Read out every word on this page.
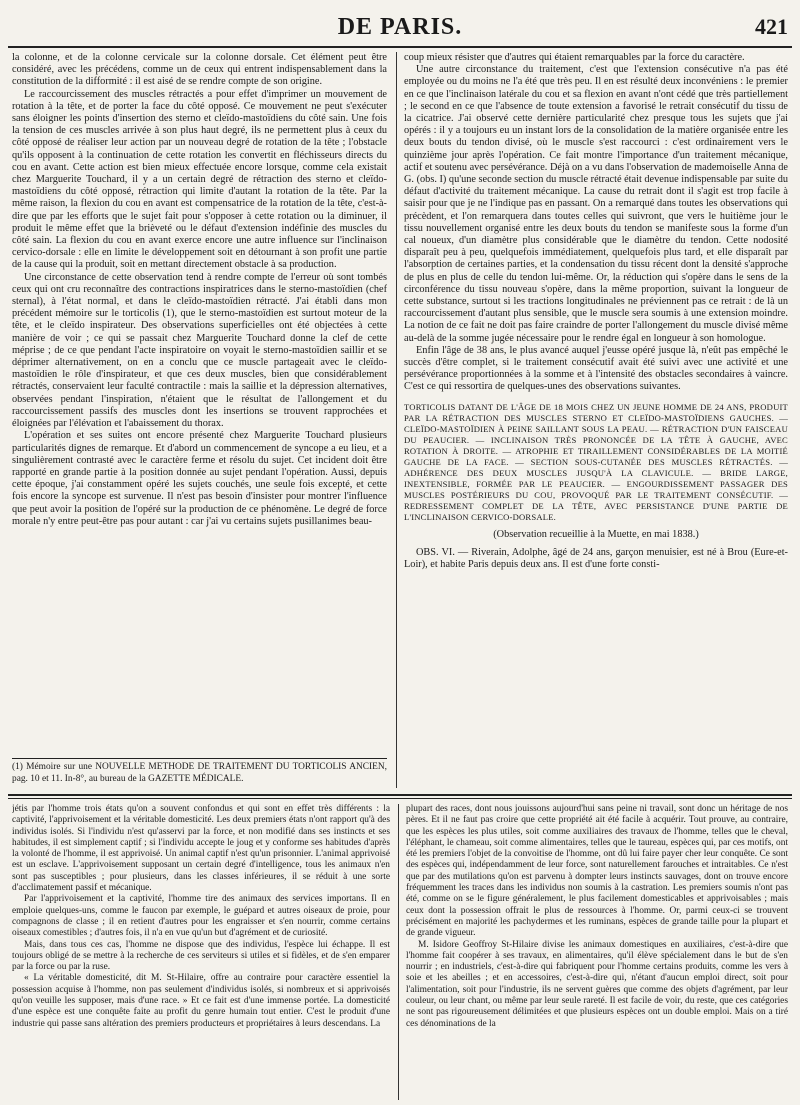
DE PARIS.	421

la colonne, et de la colonne cervicale sur la colonne dorsale. Cet élément peut être considéré, avec les précédens, comme un de ceux qui entrent indispensablement dans la constitution de la difformité : il est aisé de se rendre compte de son origine.

Le raccourcissement des muscles rétractés a pour effet d'imprimer un mouvement de rotation à la tête, et de porter la face du côté opposé. Ce mouvement ne peut s'exécuter sans éloigner les points d'insertion des sterno et cleïdo-mastoïdiens du côté sain. Une fois la tension de ces muscles arrivée à son plus haut degré, ils ne permettent plus à ceux du côté opposé de réaliser leur action par un nouveau degré de rotation de la tête ; l'obstacle qu'ils opposent à la continuation de cette rotation les convertit en fléchisseurs directs du cou en avant. Cette action est bien mieux effectuée encore lorsque, comme cela existait chez Marguerite Touchard, il y a un certain degré de rétraction des sterno et cleïdo-mastoïdiens du côté opposé, rétraction qui limite d'autant la rotation de la tête. Par la même raison, la flexion du cou en avant est compensatrice de la rotation de la tête, c'est-à-dire que par les efforts que le sujet fait pour s'opposer à cette rotation ou la diminuer, il produit le même effet que la brièveté ou le défaut d'extension indéfinie des muscles du côté sain. La flexion du cou en avant exerce encore une autre influence sur l'inclinaison cervico-dorsale : elle en limite le développement soit en détournant à son profit une partie de la cause qui la produit, soit en mettant directement obstacle à sa production.

Une circonstance de cette observation tend à rendre compte de l'erreur où sont tombés ceux qui ont cru reconnaître des contractions inspiratrices dans le sterno-mastoïdien (chef sternal), à l'état normal, et dans le cleïdo-mastoïdien rétracté. J'ai établi dans mon précédent mémoire sur le torticolis (1), que le sterno-mastoïdien est surtout moteur de la tête, et le cleïdo inspirateur. Des observations superficielles ont été objectées à cette manière de voir ; ce qui se passait chez Marguerite Touchard donne la clef de cette méprise ; de ce que pendant l'acte inspiratoire on voyait le sterno-mastoïdien saillir et se déprimer alternativement, on en a conclu que ce muscle partageait avec le cleïdo-mastoïdien le rôle d'inspirateur, et que ces deux muscles, bien que considérablement rétractés, conservaient leur faculté contractile : mais la saillie et la dépression alternatives, observées pendant l'inspiration, n'étaient que le résultat de l'allongement et du raccourcissement passifs des muscles dont les insertions se trouvent rapprochées et éloignées par l'élévation et l'abaissement du thorax.

L'opération et ses suites ont encore présenté chez Marguerite Touchard plusieurs particularités dignes de remarque. Et d'abord un commencement de syncope a eu lieu, et a singulièrement contrasté avec le caractère ferme et résolu du sujet. Cet incident doit être rapporté en grande partie à la position donnée au sujet pendant l'opération. Aussi, depuis cette époque, j'ai constamment opéré les sujets couchés, une seule fois excepté, et cette fois encore la syncope est survenue. Il n'est pas besoin d'insister pour montrer l'influence que peut avoir la position de l'opéré sur la production de ce phénomène. Le degré de force morale n'y entre peut-être pas pour autant : car j'ai vu certains sujets pusillanimes beau-

(1) Mémoire sur une NOUVELLE MÉTHODE DE TRAITEMENT DU TORTICOLIS ANCIEN, pag. 10 et 11. In-8°, au bureau de la GAZETTE MÉDICALE.

coup mieux résister que d'autres qui étaient remarquables par la force du caractère.

Une autre circonstance du traitement, c'est que l'extension consécutive n'a pas été employée ou du moins ne l'a été que très peu. Il en est résulté deux inconvéniens : le premier en ce que l'inclinaison latérale du cou et sa flexion en avant n'ont cédé que très partiellement ; le second en ce que l'absence de toute extension a favorisé le retrait consécutif du tissu de la cicatrice. J'ai observé cette dernière particularité chez presque tous les sujets que j'ai opérés : il y a toujours eu un instant lors de la consolidation de la matière organisée entre les deux bouts du tendon divisé, où le muscle s'est raccourci : c'est ordinairement vers le quinzième jour après l'opération. Ce fait montre l'importance d'un traitement mécanique, actif et soutenu avec persévérance. Déjà on a vu dans l'observation de mademoiselle Anna de G. (obs. I) qu'une seconde section du muscle rétracté était devenue indispensable par suite du défaut d'activité du traitement mécanique. La cause du retrait dont il s'agit est trop facile à saisir pour que je ne l'indique pas en passant. On a remarqué dans toutes les observations qui précèdent, et l'on remarquera dans toutes celles qui suivront, que vers le huitième jour le tissu nouvellement organisé entre les deux bouts du tendon se manifeste sous la forme d'un cal noueux, d'un diamètre plus considérable que le diamètre du tendon. Cette nodosité disparaît peu à peu, quelquefois immédiatement, quelquefois plus tard, et elle disparaît par l'absorption de certaines parties, et la condensation du tissu récent dont la densité s'approche de plus en plus de celle du tendon lui-même. Or, la réduction qui s'opère dans le sens de la circonférence du tissu nouveau s'opère, dans la même proportion, suivant la longueur de cette substance, surtout si les tractions longitudinales ne préviennent pas ce retrait : de là un raccourcissement d'autant plus sensible, que le muscle sera soumis à une extension moindre. La notion de ce fait ne doit pas faire craindre de porter l'allongement du muscle divisé même au-delà de la somme jugée nécessaire pour le rendre égal en longueur à son homologue.

Enfin l'âge de 38 ans, le plus avancé auquel j'eusse opéré jusque là, n'eût pas empêché le succès d'être complet, si le traitement consécutif avait été suivi avec une activité et une persévérance proportionnées à la somme et à l'intensité des obstacles secondaires à vaincre. C'est ce qui ressortira de quelques-unes des observations suivantes.

TORTICOLIS DATANT DE L'ÂGE DE 18 MOIS CHEZ UN JEUNE HOMME DE 24 ANS, PRODUIT PAR LA RÉTRACTION DES MUSCLES STERNO ET CLEÏDO-MASTOÏDIENS GAUCHES. — CLEÏDO-MASTOÏDIEN À PEINE SAILLANT SOUS LA PEAU. — RÉTRACTION D'UN FAISCEAU DU PEAUCIER. — INCLINAISON TRÈS PRONONCÉE DE LA TÊTE À GAUCHE, AVEC ROTATION À DROITE. — ATROPHIE ET TIRAILLEMENT CONSIDÉRABLES DE LA MOITIÉ GAUCHE DE LA FACE. — SECTION SOUS-CUTANÉE DES MUSCLES RÉTRACTÉS. — ADHÉRENCE DES DEUX MUSCLES JUSQU'À LA CLAVICULE. — BRIDE LARGE, INEXTENSIBLE, FORMÉE PAR LE PEAUCIER. — ENGOURDISSEMENT PASSAGER DES MUSCLES POSTÉRIEURS DU COU, PROVOQUÉ PAR LE TRAITEMENT CONSÉCUTIF. — REDRESSEMENT COMPLET DE LA TÊTE, AVEC PERSISTANCE D'UNE PARTIE DE L'INCLINAISON CERVICO-DORSALE.

(Observation recueillie à la Muette, en mai 1838.)

OBS. VI. — Riverain, Adolphe, âgé de 24 ans, garçon menuisier, est né à Brou (Eure-et-Loir), et habite Paris depuis deux ans. Il est d'une forte consti-

jétis par l'homme trois états qu'on a souvent confondus et qui sont en effet très différents : la captivité, l'apprivoisement et la véritable domesticité. Les deux premiers états n'ont rapport qu'à des individus isolés. Si l'individu n'est qu'asservi par la force, et non modifié dans ses instincts et ses habitudes, il est simplement captif ; si l'individu accepte le joug et y conforme ses habitudes d'après la volonté de l'homme, il est apprivoisé. Un animal captif n'est qu'un prisonnier. L'animal apprivoisé est un esclave. L'apprivoisement supposant un certain degré d'intelligence, tous les animaux n'en sont pas susceptibles ; pour plusieurs, dans les classes inférieures, il se réduit à une sorte d'acclimatement passif et mécanique.

Par l'apprivoisement et la captivité, l'homme tire des animaux des services importans. Il en emploie quelques-uns, comme le faucon par exemple, le guépard et autres oiseaux de proie, pour compagnons de classe ; il en retient d'autres pour les engraisser et s'en nourrir, comme certains oiseaux comestibles ; d'autres fois, il n'a en vue qu'un but d'agrément et de curiosité.

Mais, dans tous ces cas, l'homme ne dispose que des individus, l'espèce lui échappe. Il est toujours obligé de se mettre à la recherche de ces serviteurs si utiles et si fidèles, et de s'en emparer par la force ou par la ruse.

« La véritable domesticité, dit M. St-Hilaire, offre au contraire pour caractère essentiel la possession acquise à l'homme, non pas seulement d'individus isolés, si nombreux et si apprivoisés qu'on veuille les supposer, mais d'une race. » Et ce fait est d'une immense portée. La domesticité d'une espèce est une conquête faite au profit du genre humain tout entier. C'est le produit d'une industrie qui passe sans altération des premiers producteurs et propriétaires à leurs descendans. La

plupart des races, dont nous jouissons aujourd'hui sans peine ni travail, sont donc un héritage de nos pères. Et il ne faut pas croire que cette propriété ait été facile à acquérir. Tout prouve, au contraire, que les espèces les plus utiles, soit comme auxiliaires des travaux de l'homme, telles que le cheval, l'éléphant, le chameau, soit comme alimentaires, telles que le taureau, espèces qui, par ces motifs, ont été les premiers l'objet de la convoitise de l'homme, ont dû lui faire payer cher leur conquête. Ce sont des espèces qui, indépendamment de leur force, sont naturellement farouches et intraitables. Ce n'est que par des mutilations qu'on est parvenu à dompter leurs instincts sauvages, dont on trouve encore fréquemment les traces dans les individus non soumis à la castration. Les premiers soumis n'ont pas été, comme on se le figure généralement, le plus facilement domesticables et apprivoisables ; mais ceux dont la possession offrait le plus de ressources à l'homme. Or, parmi ceux-ci se trouvent précisément en majorité les pachydermes et les ruminans, espèces de grande taille pour la plupart et de grande vigueur.

M. Isidore Geoffroy St-Hilaire divise les animaux domestiques en auxiliaires, c'est-à-dire que l'homme fait coopérer à ses travaux, en alimentaires, qu'il élève spécialement dans le but de s'en nourrir ; en industriels, c'est-à-dire qui fabriquent pour l'homme certains produits, comme les vers à soie et les abeilles ; et en accessoires, c'est-à-dire qui, n'étant d'aucun emploi direct, soit pour l'alimentation, soit pour l'industrie, ils ne servent guères que comme des objets d'agrément, par leur couleur, ou leur chant, ou même par leur seule rareté. Il est facile de voir, du reste, que ces catégories ne sont pas rigoureusement délimitées et que plusieurs espèces ont un double emploi. Mais on a tiré ces dénominations de la
